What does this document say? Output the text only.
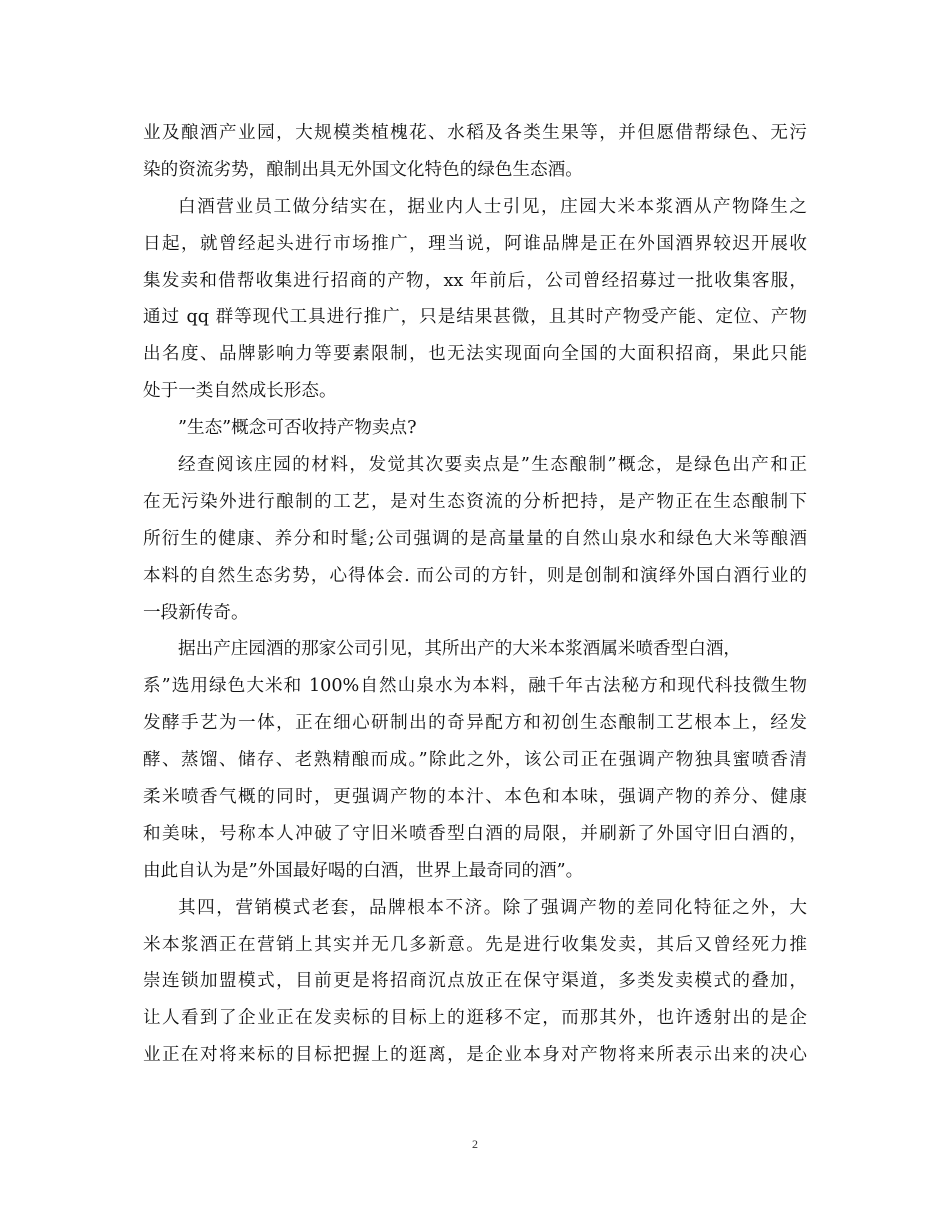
业及酿酒产业园，大规模类植槐花、水稻及各类生果等，并但愿借帮绿色、无污
染的资流劣势，酿制出具无外国文化特色的绿色生态酒。
白酒营业员工做分结实在，据业内人士引见，庄园大米本浆酒从产物降生之
日起，就曾经起头进行市场推广，理当说，阿谁品牌是正在外国酒界较迟开展收
集发卖和借帮收集进行招商的产物，xx 年前后，公司曾经招募过一批收集客服，
通过 qq 群等现代工具进行推广，只是结果甚微，且其时产物受产能、定位、产物
出名度、品牌影响力等要素限制，也无法实现面向全国的大面积招商，果此只能
处于一类自然成长形态。
”生态”概念可否收持产物卖点?
经查阅该庄园的材料，发觉其次要卖点是”生态酿制”概念，是绿色出产和正
在无污染外进行酿制的工艺，是对生态资流的分析把持，是产物正在生态酿制下
所衍生的健康、养分和时髦;公司强调的是高量量的自然山泉水和绿色大米等酿酒
本料的自然生态劣势，心得体会. 而公司的方针，则是创制和演绎外国白酒行业的
一段新传奇。
据出产庄园酒的那家公司引见，其所出产的大米本浆酒属米喷香型白酒，
系”选用绿色大米和 100%自然山泉水为本料，融千年古法秘方和现代科技微生物
发酵手艺为一体，正在细心研制出的奇异配方和初创生态酿制工艺根本上，经发
酵、蒸馏、储存、老熟精酿而成。”除此之外，该公司正在强调产物独具蜜喷香清
柔米喷香气概的同时，更强调产物的本汁、本色和本味，强调产物的养分、健康
和美味，号称本人冲破了守旧米喷香型白酒的局限，并刷新了外国守旧白酒的，
由此自认为是”外国最好喝的白酒，世界上最奇同的酒”。
其四，营销模式老套，品牌根本不济。除了强调产物的差同化特征之外，大
米本浆酒正在营销上其实并无几多新意。先是进行收集发卖，其后又曾经死力推
崇连锁加盟模式，目前更是将招商沉点放正在保守渠道，多类发卖模式的叠加，
让人看到了企业正在发卖标的目标上的逛移不定，而那其外，也许透射出的是企
业正在对将来标的目标把握上的逛离，是企业本身对产物将来所表示出来的决心
2
